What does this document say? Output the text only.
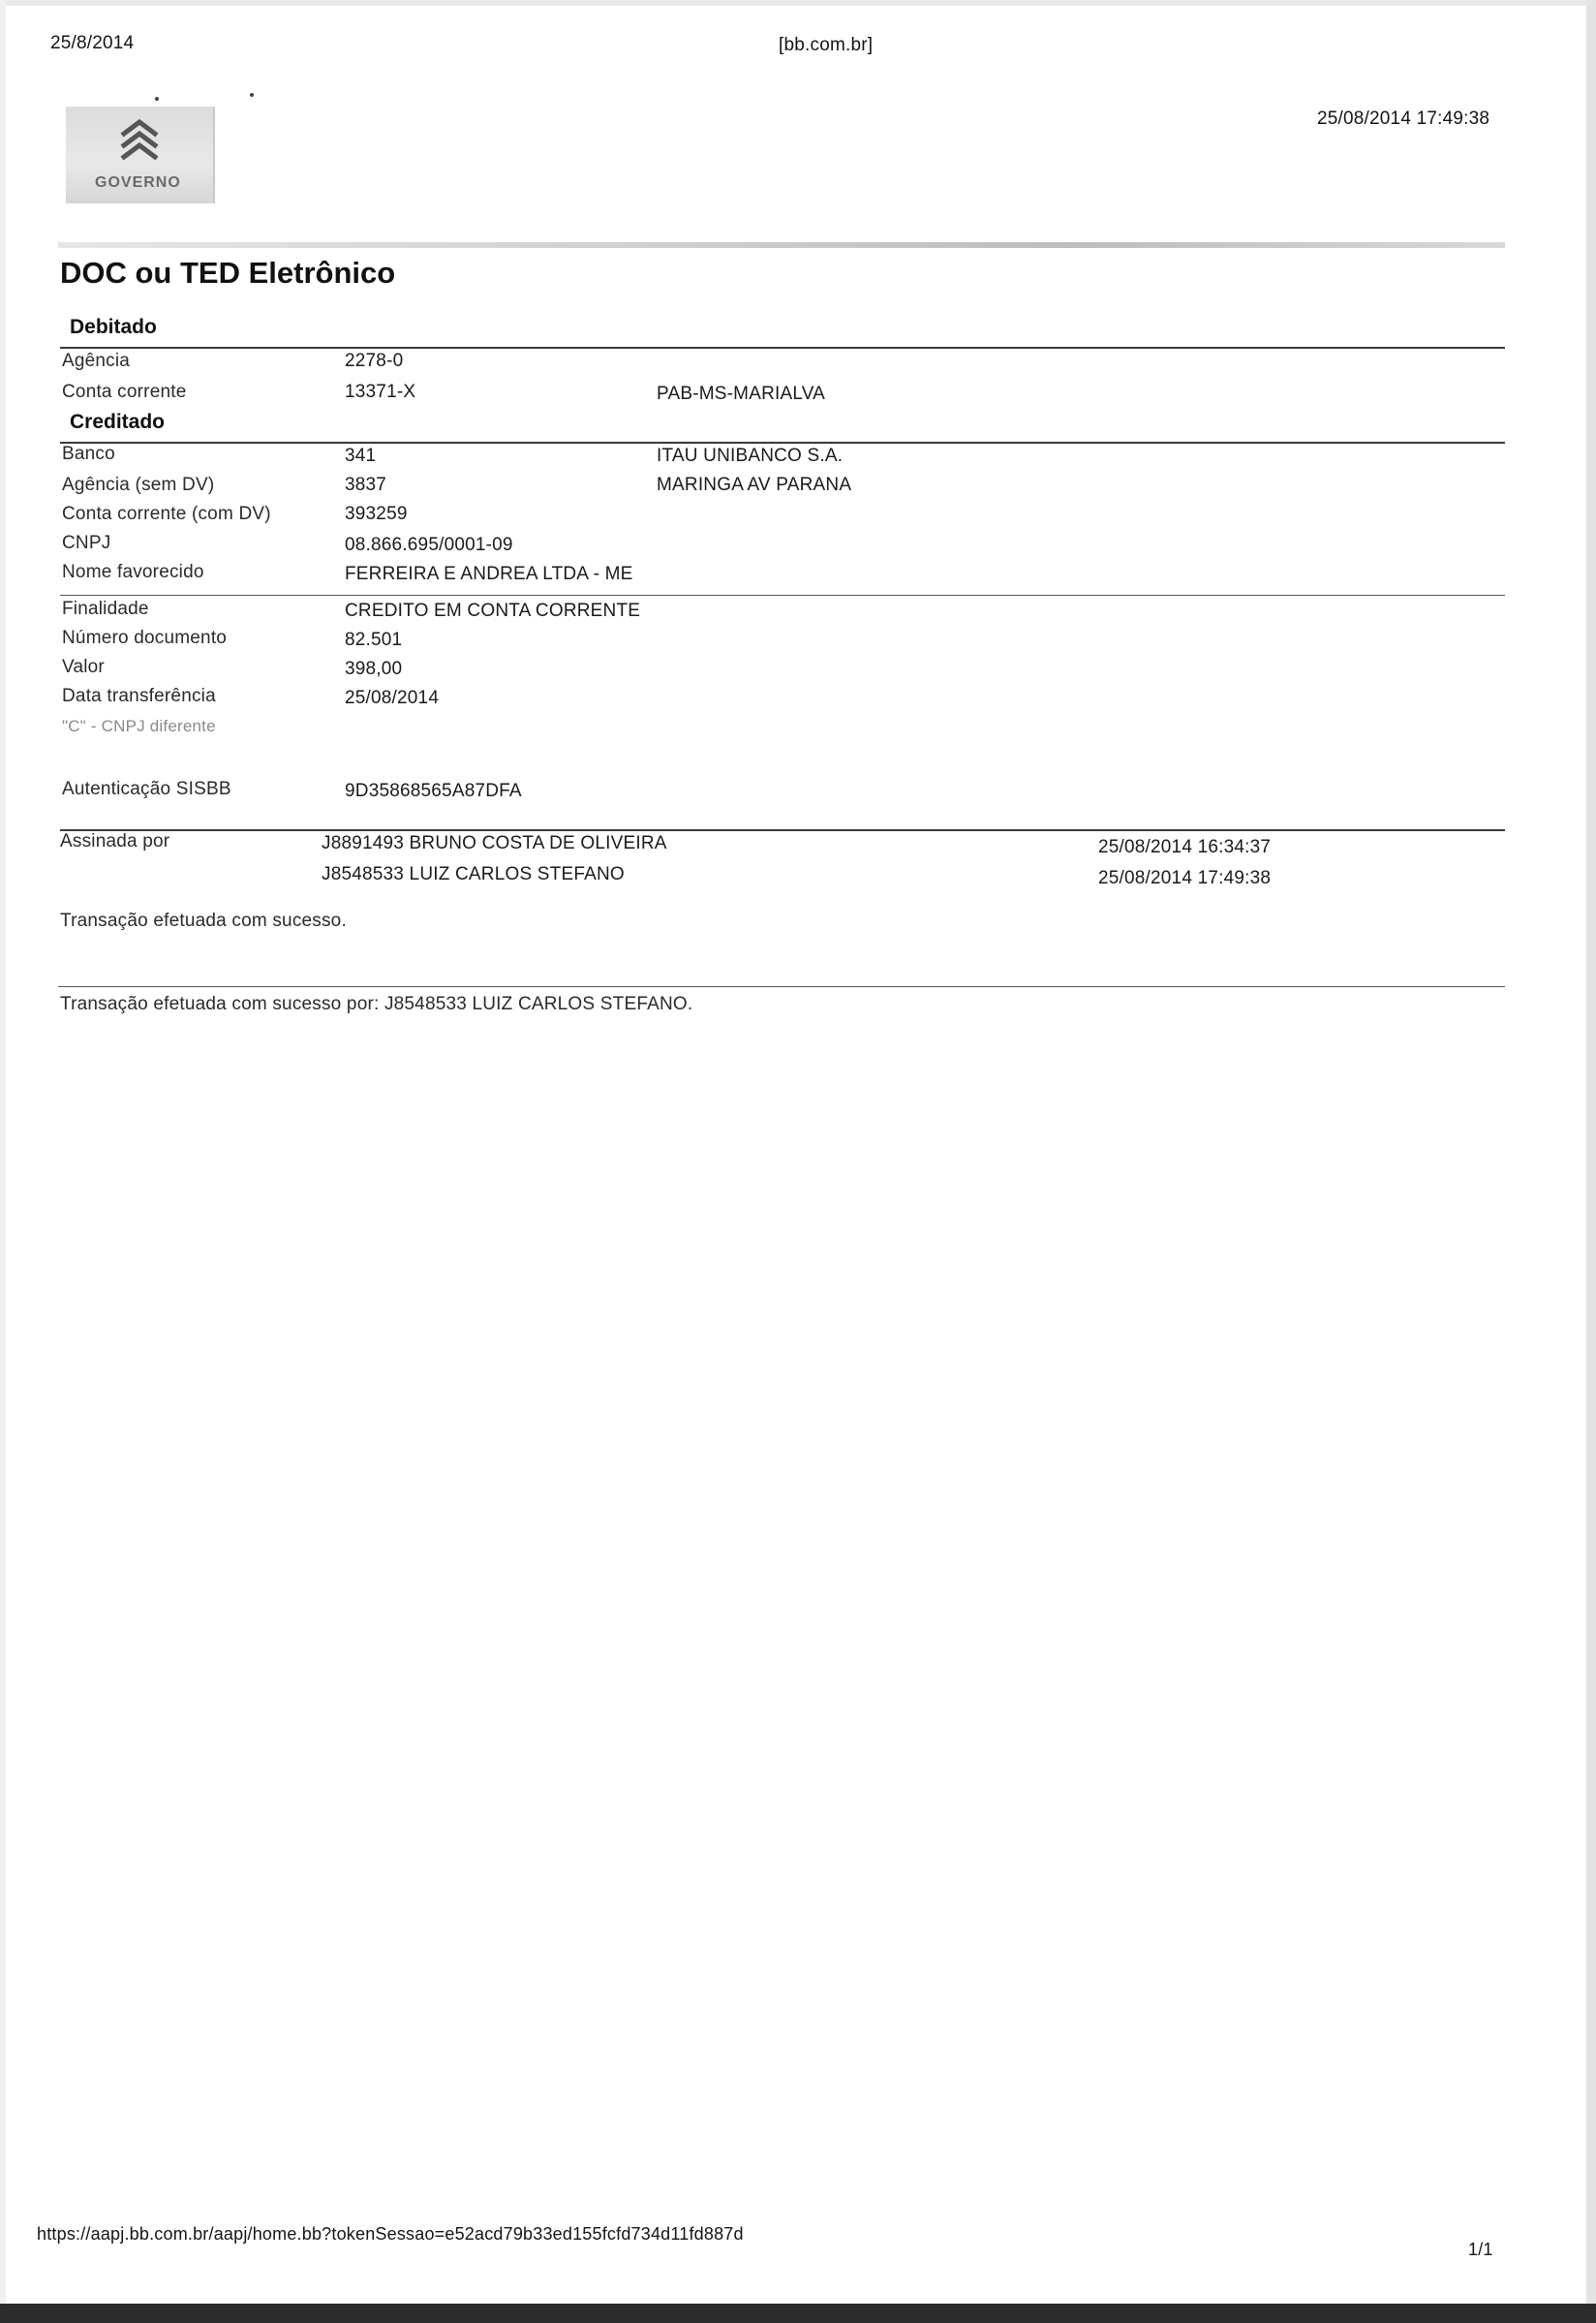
25/8/2014	[bb.com.br]
25/08/2014 17:49:38
GOVERNO
DOC ou TED Eletrônico
Debitado
Agência	2278-0
Conta corrente	13371-X	PAB-MS-MARIALVA
Creditado
Banco	341	ITAU UNIBANCO S.A.
Agência (sem DV)	3837	MARINGA AV PARANA
Conta corrente (com DV)	393259
CNPJ	08.866.695/0001-09
Nome favorecido	FERREIRA E ANDREA LTDA - ME
Finalidade	CREDITO EM CONTA CORRENTE
Número documento	82.501
Valor	398,00
Data transferência	25/08/2014
"C" - CNPJ diferente
Autenticação SISBB	9D35868565A87DFA
Assinada por	J8891493 BRUNO COSTA DE OLIVEIRA	25/08/2014 16:34:37
J8548533 LUIZ CARLOS STEFANO	25/08/2014 17:49:38
Transação efetuada com sucesso.
Transação efetuada com sucesso por: J8548533 LUIZ CARLOS STEFANO.
https://aapj.bb.com.br/aapj/home.bb?tokenSessao=e52acd79b33ed155fcfd734d11fd887d
1/1
